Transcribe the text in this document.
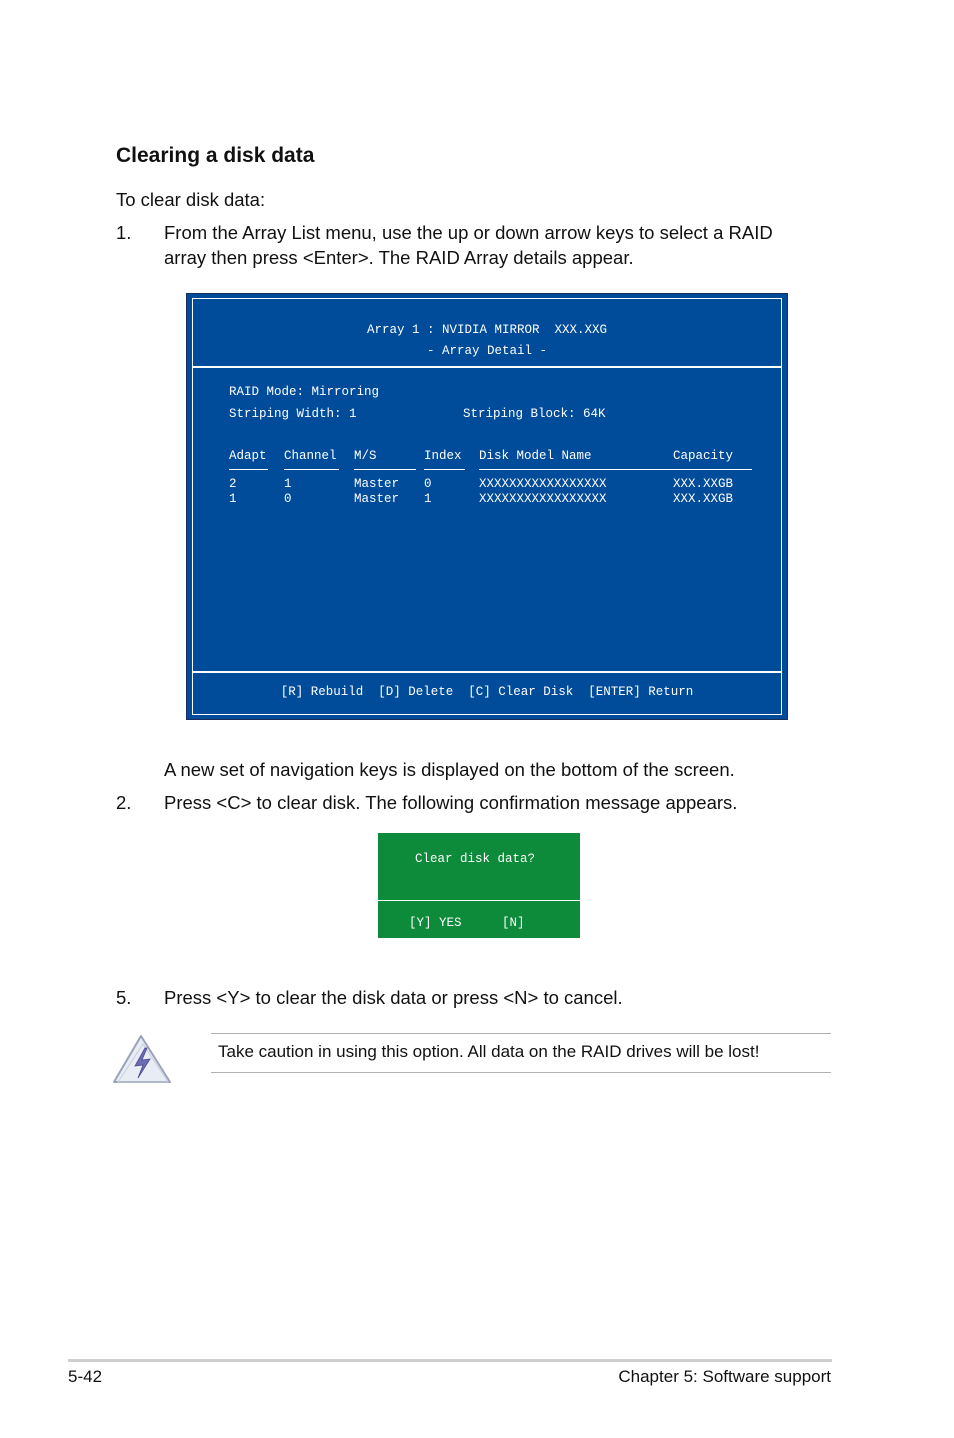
Clearing a disk data
To clear disk data:
1. From the Array List menu, use the up or down arrow keys to select a RAID
array then press <Enter>. The RAID Array details appear.
Array 1 : NVIDIA MIRROR  XXX.XXG
- Array Detail -
RAID Mode: Mirroring
Striping Width: 1	Striping Block: 64K
Adapt Channel M/S	Index Disk Model Name	Capacity
2	1	Master 0	XXXXXXXXXXXXXXXXX	XXX.XXGB
1	0	Master 1	XXXXXXXXXXXXXXXXX	XXX.XXGB
[R] Rebuild  [D] Delete  [C] Clear Disk  [ENTER] Return
A new set of navigation keys is displayed on the bottom of the screen.
2. Press <C> to clear disk. The following confirmation message appears.
Clear disk data?
[Y] YES	[N]
5. Press <Y> to clear the disk data or press <N> to cancel.
Take caution in using this option. All data on the RAID drives will be lost!
5-42	Chapter 5: Software support
